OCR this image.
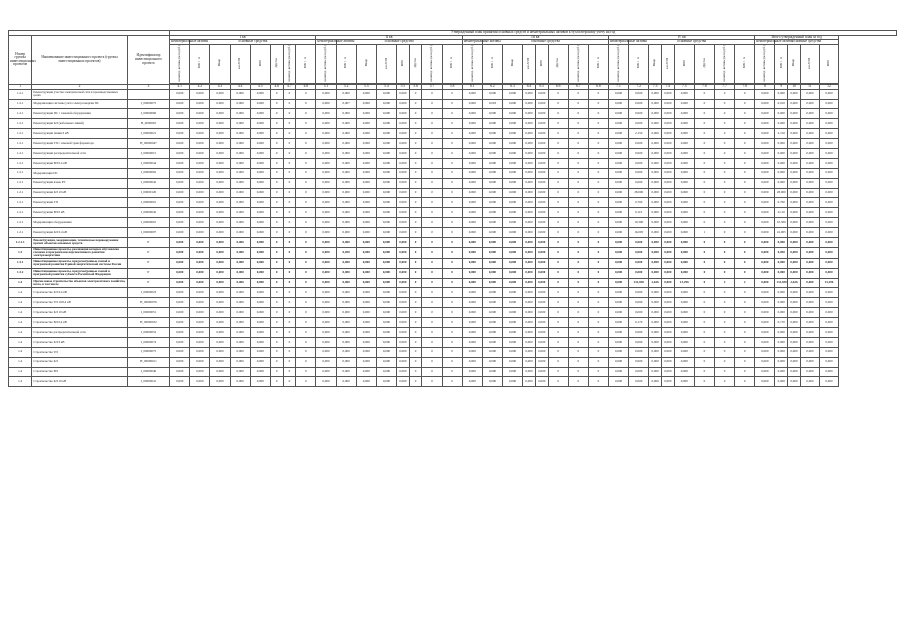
			Утвержденный план принятия основных средств и нематериальных активов к бухгалтерскому учету на год																																				
Номер группы инвестиционных проектов	Наименование инвестиционного проекта (группы инвестиционных проектов)	Идентификатор инвестиционного проекта	I кв								II кв								III кв								IV кв								Итого утвержденный план за год				
			нематериальные активы	основные средства							нематериальные активы	основные средства							нематериальные активы	основные средства							нематериальные активы	основные средства							нематериальные активы	основные средства			
			нематер. активы (млн руб.)	МВ×А	Мвар	км ЛЭП	МВт	Другое	нематер. активы (млн руб.)	МВ×А	нематер. активы (млн руб.)	МВ×А	Мвар	км ЛЭП	МВт	Другое	нематер. активы (млн руб.)	МВ×А	нематер. активы (млн руб.)	МВ×А	Мвар	км ЛЭП	МВт	Другое	нематер. активы (млн руб.)	МВ×А	нематер. активы (млн руб.)	МВ×А	Мвар	км ЛЭП	МВт	Другое	нематер. активы (млн руб.)	МВ×А	нематер. активы (млн руб.)	МВ×А	Мвар	км ЛЭП	МВт

1	2	3	4.1	4.2	4.3	4.4	4.5	4.6	4.7	4.8	5.1	5.2	5.3	5.4	5.5	5.6	5.7	5.8	6.1	6.2	6.3	6.4	6.5	6.6	6.7	6.8	7.1	7.2	7.3	7.4	7.5	7.6	7.7	7.8	8	9	10	11	12
1.2.1	Реконструкция участка электрической сети в производственных целях		0,000	0,000	0,000	0,000	0,000	0	0	0	0,000	0,000	0,000	0,000	0,000	0	0	0	0,000	0,000	0,000	0,000	0,000	0	0	0	0,000	0,000	0,000	0,000	0,000	0	0	0	0,000	0,000	0,000	0,000	0,000
1.2.1	Модернизация системы учета электроэнергии ПС	I_00000075	0,000	0,000	0,000	0,000	0,000	0	0	0	0,000	0,007	0,000	0,000	0,000	0	0	0	0,000	0,003	0,000	0,000	0,000	0	0	0	0,000	0,000	0,000	0,000	0,000	0	0	0	0,000	0,010	0,000	0,000	0,000
1.2.1	Реконструкция ПС с заменой оборудования	I_00000060	0,000	0,000	0,000	0,000	0,000	0	0	0	0,000	0,000	0,000	0,000	0,000	0	0	0	0,000	0,000	0,000	0,000	0,000	0	0	0	0,000	0,000	0,000	0,000	0,000	0	0	0	0,000	0,000	0,000	0,000	0,000
1.2.1	Реконструкция КЛ (кабельных линий)	H_0000002	0,000	0,000	0,000	0,000	0,000	0	0	0	0,000	0,000	0,000	0,000	0,000	0	0	0	0,000	0,000	0,000	0,000	0,000	0	0	0	0,000	0,000	0,000	0,000	0,000	0	0	0	0,000	0,000	0,000	0,000	0,000
1.2.1	Реконструкция линии 6 кВ	I_00000021	0,000	0,000	0,000	0,000	0,000	0	0	0	0,000	0,000	0,000	0,000	0,000	0	0	0	0,000	0,000	0,000	0,000	0,000	0	0	0	0,000	2,150	0,000	0,000	0,000	0	0	0	0,000	2,150	0,000	0,000	0,000
1.2.1	Реконструкция ТП с заменой трансформатора	H_00000047	0,000	0,000	0,000	0,000	0,000	0	0	0	0,000	0,000	0,000	0,000	0,000	0	0	0	0,000	0,000	0,000	0,000	0,000	0	0	0	0,000	0,000	0,000	0,000	0,000	0	0	0	0,000	0,000	0,000	0,000	0,000
1.2.1	Реконструкция распределительной сети	I_00000015	0,000	0,000	0,000	0,000	0,000	0	0	0	0,000	0,000	0,000	0,000	0,000	0	0	0	0,000	0,000	0,000	0,000	0,000	0	0	0	0,000	0,000	0,000	0,000	0,000	0	0	0	0,000	0,000	0,000	0,000	0,000
1.2.1	Реконструкция ВЛ 0,4 кВ	I_00000044	0,000	0,000	0,000	0,000	0,000	0	0	0	0,000	0,000	0,000	0,000	0,000	0	0	0	0,000	0,000	0,000	0,000	0,000	0	0	0	0,000	0,000	0,000	0,000	0,000	0	0	0	0,000	0,000	0,000	0,000	0,000
1.2.1	Модернизация ПС	I_00000062	0,000	0,000	0,000	0,000	0,000	0	0	0	0,000	0,000	0,000	0,000	0,000	0	0	0	0,000	0,000	0,000	0,000	0,000	0	0	0	0,000	0,000	0,000	0,000	0,000	0	0	0	0,000	0,000	0,000	0,000	0,000
1.2.1	Реконструкция ячеек РУ	I_00000042	0,000	0,000	0,000	0,000	0,000	0	0	0	0,000	0,000	0,000	0,000	0,000	0	0	0	0,000	0,000	0,000	0,000	0,000	0	0	0	0,000	0,000	0,000	0,000	0,000	0	0	0	0,000	0,000	0,000	0,000	0,000
1.2.1	Реконструкция КЛ 10 кВ	I_00000120	0,000	0,000	0,000	0,000	0,000	0	0	0	0,000	0,000	0,000	0,000	0,000	0	0	0	0,000	0,000	0,000	0,000	0,000	0	0	0	0,000	28,000	0,000	0,000	0,000	0	0	0	0,000	28,000	0,000	0,000	0,000
1.2.1	Реконструкция ТП	I_00000001	0,000	0,000	0,000	0,000	0,000	0	0	0	0,000	0,000	0,000	0,000	0,000	0	0	0	0,000	0,000	0,000	0,000	0,000	0	0	0	0,000	0,760	0,000	0,000	0,000	0	0	0	0,000	0,760	0,000	0,000	0,000
1.2.1	Реконструкция ВЛ 6 кВ	I_00000042	0,000	0,000	0,000	0,000	0,000	0	0	0	0,000	0,000	0,000	0,000	0,000	0	0	0	0,000	0,000	0,000	0,000	0,000	0	0	0	0,000	0,110	0,000	0,000	0,000	0	0	0	0,000	0,110	0,000	0,000	0,000
1.2.1	Модернизация оборудования	I_00000001	0,000	0,000	0,000	0,000	0,000	0	0	0	0,000	0,000	0,000	0,000	0,000	0	0	0	0,000	0,000	0,000	0,000	0,000	0	0	0	0,000	10,300	0,000	0,000	0,000	0	0	0	0,000	10,300	0,000	0,000	0,000
1.2.1	Реконструкция КЛ 0,4 кВ	I_00000007	0,000	0,000	0,000	0,000	0,000	0	0	0	0,000	0,000	0,000	0,000	0,000	0	0	0	0,000	0,000	0,000	0,000	0,000	0	0	0	0,000	16,005	0,000	0,000	0,000	1	0	0	0,000	16,005	0,000	0,000	0,000
1.2.1.1	Реконструкция, модернизация, техническое перевооружение прочих объектов основных средств	Г	0,000	0,000	0,000	0,000	0,000	0	0	0	0,000	0,000	0,000	0,000	0,000	0	0	0	0,000	0,000	0,000	0,000	0,000	0	0	0	0,000	0,000	0,000	0,000	0,000	0	0	0	0,000	0,000	0,000	0,000	0,000
1.3	Инвестиционные проекты, реализация которых обусловлена схемами и программами перспективного развития электроэнергетики	Г	0,000	0,000	0,000	0,000	0,000	0	0	0	0,000	0,050	0,000	0,000	0,000	0	0	0	0,000	0,000	0,000	0,000	0,000	0	0	0	0,000	0,000	0,000	0,000	0,000	0	0	0	0,000	0,050	0,000	0,000	0,000
1.3.1	Инвестиционные проекты, предусмотренные схемой и программой развития Единой энергетической системы России	Г	0,000	0,000	0,000	0,000	0,000	0	0	0	0,000	0,000	0,000	0,000	0,000	0	0	0	0,000	0,000	0,000	0,000	0,000	0	0	0	0,000	0,000	0,000	0,000	0,000	0	0	0	0,000	0,000	0,000	0,000	0,000
1.3.2	Инвестиционные проекты, предусмотренные схемой и программой развития субъекта Российской Федерации	Г	0,000	0,000	0,000	0,000	0,000	0	0	0	0,000	0,000	0,000	0,000	0,000	0	0	0	0,000	0,000	0,000	0,000	0,000	0	0	0	0,000	0,000	0,000	0,000	0,000	0	0	0	0,000	0,000	0,000	0,000	0,000
1.4	Прочее новое строительство объектов электросетевого хозяйства, всего, в том числе	Г	0,000	0,000	0,000	0,000	0,000	0	0	0	0,000	0,000	0,000	0,000	0,000	0	0	0	0,000	0,000	0,000	0,000	0,000	0	0	0	0,000	131,830	2,626	0,000	13,296	0	2	2	0,000	131,830	2,626	0,000	13,296
1.4	Строительство КЛ 0,4 кВ	I_00000023	0,000	0,000	0,000	0,000	0,000	0	0	0	0,000	0,000	0,000	0,000	0,000	0	0	0	0,000	0,000	0,000	0,000	0,000	0	0	0	0,000	0,000	0,000	0,000	0,000	0	0	0	0,000	0,000	0,000	0,000	0,000
1.4	Строительство ТП 10/0,4 кВ	H_00000076	0,000	0,000	0,000	0,000	0,000	0	0	0	0,000	0,000	0,000	0,000	0,000	0	0	0	0,000	0,000	0,000	0,000	0,000	0	0	0	0,000	0,000	0,000	0,000	0,000	0	0	0	0,000	0,000	0,000	0,000	0,000
1.4	Строительство КЛ 10 кВ	I_00000051	0,000	0,000	0,000	0,000	0,000	0	0	0	0,000	0,000	0,000	0,000	0,000	0	0	0	0,000	0,000	0,000	0,000	0,000	0	0	0	0,000	0,000	0,000	0,000	0,000	0	0	0	0,000	0,000	0,000	0,000	0,000
1.4	Строительство ВЛ 0,4 кВ	H_00000052	0,000	0,000	0,000	0,000	0,000	0	0	0	0,000	0,000	0,000	0,000	0,000	0	0	0	0,000	0,000	0,000	0,000	0,000	0	0	0	0,000	0,170	0,000	0,000	0,000	0	0	0	0,000	0,170	0,000	0,000	0,000
1.4	Строительство распределительной сети	I_00000052	0,000	0,000	0,000	0,000	0,000	0	0	0	0,000	0,000	0,000	0,000	0,000	0	0	0	0,000	0,000	0,000	0,000	0,000	0	0	0	0,000	0,000	0,000	0,000	0,000	0	0	0	0,000	0,000	0,000	0,000	0,000
1.4	Строительство КЛ 6 кВ	I_00000074	0,000	0,000	0,000	0,000	0,000	0	0	0	0,000	0,000	0,000	0,000	0,000	0	0	0	0,000	0,000	0,000	0,000	0,000	0	0	0	0,000	0,000	0,000	0,000	0,000	0	0	0	0,000	0,000	0,000	0,000	0,000
1.4	Строительство ТП	I_00000075	0,000	0,000	0,000	0,000	0,000	0	0	0	0,000	0,000	0,000	0,000	0,000	0	0	0	0,000	0,000	0,000	0,000	0,000	0	0	0	0,000	0,000	0,000	0,000	0,000	0	0	0	0,000	0,000	0,000	0,000	0,000
1.4	Строительство КЛ	H_00000011	0,000	0,000	0,000	0,000	0,000	0	0	0	0,000	0,000	0,000	0,000	0,000	0	0	0	0,000	0,000	0,000	0,000	0,000	0	0	0	0,000	0,000	0,000	0,000	0,000	0	0	0	0,000	0,000	0,000	0,000	0,000
1.4	Строительство ВЛ	I_00000040	0,000	0,000	0,000	0,000	0,000	0	0	0	0,000	0,000	0,000	0,000	0,000	0	0	0	0,000	0,000	0,000	0,000	0,000	0	0	0	0,000	0,000	0,000	0,000	0,000	0	0	0	0,000	0,000	0,000	0,000	0,000
1.4	Строительство КЛ 10 кВ	I_00000041	0,000	0,000	0,000	0,000	0,000	0	0	0	0,000	0,000	0,000	0,000	0,000	0	0	0	0,000	0,000	0,000	0,000	0,000	0	0	0	0,000	0,000	0,000	0,000	0,000	0	0	0	0,000	0,000	0,000	0,000	0,000
